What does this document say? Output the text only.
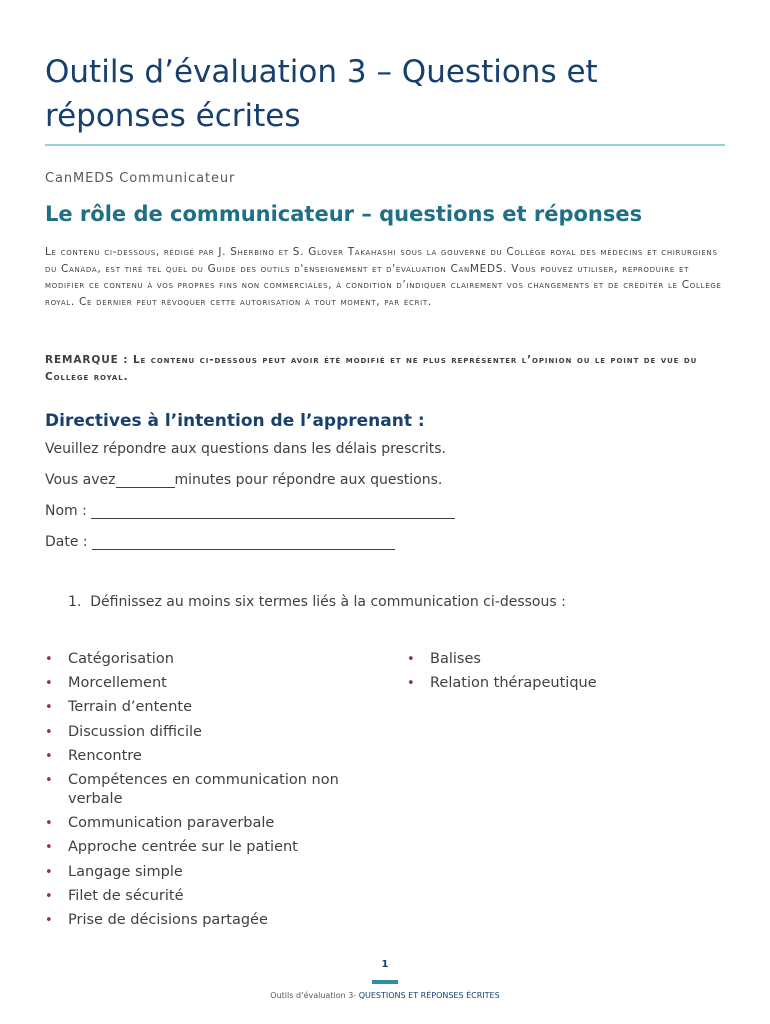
Outils d’évaluation 3 – Questions et réponses écrites

CanMEDS Communicateur

Le rôle de communicateur – questions et réponses

Le contenu ci-dessous, rédigé par J. Sherbino et S. Glover Takahashi sous la gouverne du Collège royal des médecins et chirurgiens du Canada, est tiré tel quel du Guide des outils d'enseignement et d'évaluation CanMEDS. Vous pouvez utiliser, reproduire et modifier ce contenu à vos propres fins non commerciales, à condition d’indiquer clairement vos changements et de créditer le Collège royal. Ce dernier peut révoquer cette autorisation à tout moment, par écrit.

REMARQUE : Le contenu ci-dessous peut avoir été modifié et ne plus représenter l’opinion ou le point de vue du Collège royal.

Directives à l’intention de l’apprenant :

Veuillez répondre aux questions dans les délais prescrits.

Vous avez	minutes pour répondre aux questions.

Nom :

Date :

1. Définissez au moins six termes liés à la communication ci-dessous :

• Catégorisation
• Morcellement
• Terrain d’entente
• Discussion difficile
• Rencontre
• Compétences en communication non verbale
• Communication paraverbale
• Approche centrée sur le patient
• Langage simple
• Filet de sécurité
• Prise de décisions partagée
• Balises
• Relation thérapeutique

1

Outils d’évaluation 3- QUESTIONS ET RÉPONSES ÉCRITES
